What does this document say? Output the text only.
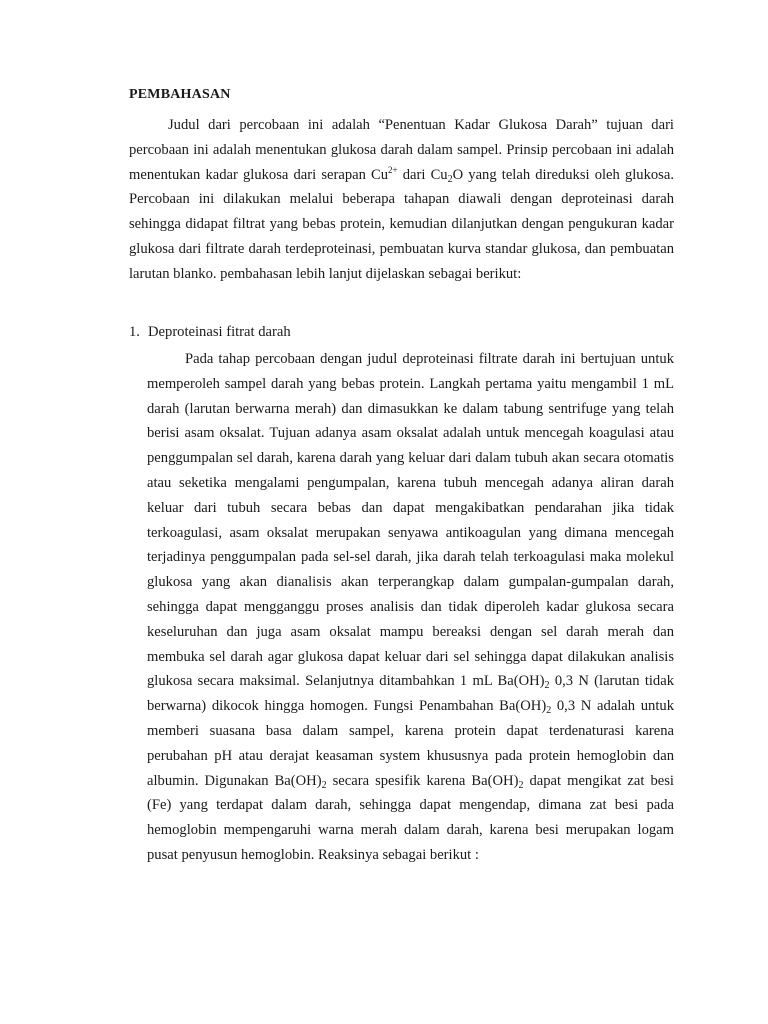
PEMBAHASAN

Judul dari percobaan ini adalah “Penentuan Kadar Glukosa Darah” tujuan dari percobaan ini adalah menentukan glukosa darah dalam sampel. Prinsip percobaan ini adalah menentukan kadar glukosa dari serapan $Cu^{2+}$ dari $Cu_2O$ yang telah direduksi oleh glukosa. Percobaan ini dilakukan melalui beberapa tahapan diawali dengan deproteinasi darah sehingga didapat filtrat yang bebas protein, kemudian dilanjutkan dengan pengukuran kadar glukosa dari filtrate darah terdeproteinasi, pembuatan kurva standar glukosa, dan pembuatan larutan blanko. pembahasan lebih lanjut dijelaskan sebagai berikut:

1. Deproteinasi fitrat darah

Pada tahap percobaan dengan judul deproteinasi filtrate darah ini bertujuan untuk memperoleh sampel darah yang bebas protein. Langkah pertama yaitu mengambil 1 mL darah (larutan berwarna merah) dan dimasukkan ke dalam tabung sentrifuge yang telah berisi asam oksalat. Tujuan adanya asam oksalat adalah untuk mencegah koagulasi atau penggumpalan sel darah, karena darah yang keluar dari dalam tubuh akan secara otomatis atau seketika mengalami pengumpalan, karena tubuh mencegah adanya aliran darah keluar dari tubuh secara bebas dan dapat mengakibatkan pendarahan jika tidak terkoagulasi, asam oksalat merupakan senyawa antikoagulan yang dimana mencegah terjadinya penggumpalan pada sel-sel darah, jika darah telah terkoagulasi maka molekul glukosa yang akan dianalisis akan terperangkap dalam gumpalan-gumpalan darah, sehingga dapat mengganggu proses analisis dan tidak diperoleh kadar glukosa secara keseluruhan dan juga asam oksalat mampu bereaksi dengan sel darah merah dan membuka sel darah agar glukosa dapat keluar dari sel sehingga dapat dilakukan analisis glukosa secara maksimal. Selanjutnya ditambahkan 1 mL $Ba(OH)_2$ 0,3 N (larutan tidak berwarna) dikocok hingga homogen. Fungsi Penambahan $Ba(OH)_2$ 0,3 N adalah untuk memberi suasana basa dalam sampel, karena protein dapat terdenaturasi karena perubahan pH atau derajat keasaman system khususnya pada protein hemoglobin dan albumin. Digunakan $Ba(OH)_2$ secara spesifik karena $Ba(OH)_2$ dapat mengikat zat besi (Fe) yang terdapat dalam darah, sehingga dapat mengendap, dimana zat besi pada hemoglobin mempengaruhi warna merah dalam darah, karena besi merupakan logam pusat penyusun hemoglobin. Reaksinya sebagai berikut :
